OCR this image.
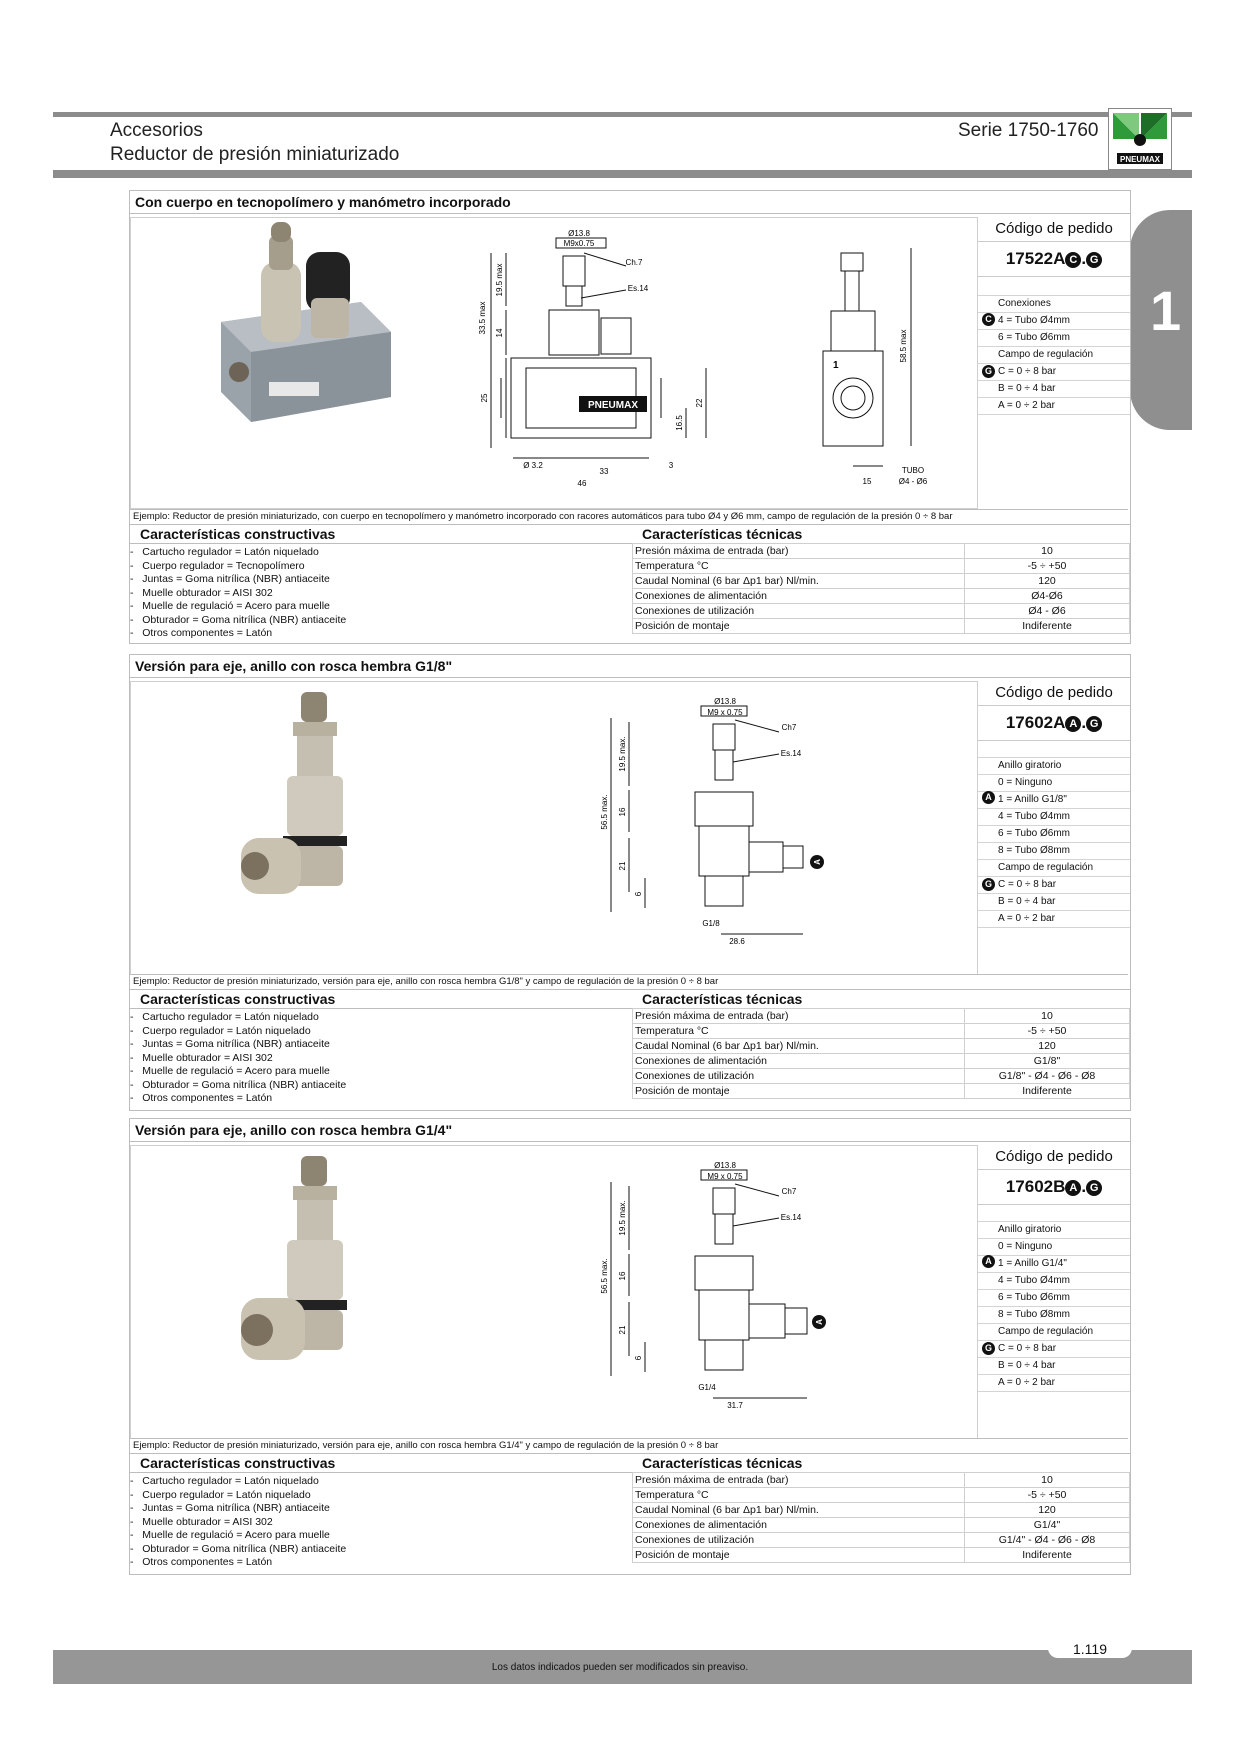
Accesorios
Reductor de presión miniaturizado
Serie 1750-1760
PNEUMAX
1
Con cuerpo en tecnopolímero y manómetro incorporado
PNEUMAX
Ø13.8
M9x0.75
Ch.7
Es.14
33.5 max
19.5 max
14
25
16.5
22
Ø 3.2
33
3
46
1
58.5 max
TUBO
15	Ø4 - Ø6
Código de pedido
17522A C . G
C
Conexiones
4 = Tubo Ø4mm
6 = Tubo Ø6mm
G
Campo de regulación
C = 0 ÷ 8 bar
B = 0 ÷ 4 bar
A = 0 ÷ 2 bar
Ejemplo: Reductor de presión miniaturizado, con cuerpo en tecnopolímero y manómetro incorporado con racores automáticos para tubo Ø4 y Ø6 mm, campo de regulación de la presión 0 ÷ 8 bar
Características constructivas	Características técnicas
-   Cartucho regulador = Latón niquelado
-   Cuerpo regulador = Tecnopolímero
-   Juntas = Goma nitrílica (NBR) antiaceite
-   Muelle obturador = AISI 302
-   Muelle de regulació = Acero para muelle
-   Obturador = Goma nitrílica (NBR) antiaceite
-   Otros componentes = Latón
Presión máxima de entrada (bar)	10
Temperatura °C	-5 ÷ +50
Caudal Nominal (6 bar Δp1 bar) Nl/min.	120
Conexiones de alimentación	Ø4-Ø6
Conexiones de utilización	Ø4 - Ø6
Posición de montaje	Indiferente
Versión para eje, anillo con rosca hembra G1/8"
Ø13.8
M9 x 0.75
Ch7
Es.14
56.5 max.
19.5 max.
16
21
6
G1/8
28.6
A
Código de pedido
17602A A . G
A
Anillo giratorio
0 = Ninguno
1 = Anillo G1/8"
4 = Tubo Ø4mm
6 = Tubo Ø6mm
8 = Tubo Ø8mm
G
Campo de regulación
C = 0 ÷ 8 bar
B = 0 ÷ 4 bar
A = 0 ÷ 2 bar
Ejemplo: Reductor de presión miniaturizado, versión para eje, anillo con rosca hembra G1/8" y campo de regulación de la presión 0 ÷ 8 bar
Características constructivas	Características técnicas
-   Cartucho regulador = Latón niquelado
-   Cuerpo regulador = Latón niquelado
-   Juntas = Goma nitrílica (NBR) antiaceite
-   Muelle obturador = AISI 302
-   Muelle de regulació = Acero para muelle
-   Obturador = Goma nitrílica (NBR) antiaceite
-   Otros componentes = Latón
Presión máxima de entrada (bar)	10
Temperatura °C	-5 ÷ +50
Caudal Nominal (6 bar Δp1 bar) Nl/min.	120
Conexiones de alimentación	G1/8"
Conexiones de utilización	G1/8" - Ø4 - Ø6 - Ø8
Posición de montaje	Indiferente
Versión para eje, anillo con rosca hembra G1/4"
Ø13.8
M9 x 0.75
Ch7
Es.14
56.5 max.
19.5 max.
16
21
6
G1/4
31.7
A
Código de pedido
17602B A . G
A
Anillo giratorio
0 = Ninguno
1 = Anillo G1/4"
4 = Tubo Ø4mm
6 = Tubo Ø6mm
8 = Tubo Ø8mm
G
Campo de regulación
C = 0 ÷ 8 bar
B = 0 ÷ 4 bar
A = 0 ÷ 2 bar
Ejemplo: Reductor de presión miniaturizado, versión para eje, anillo con rosca hembra G1/4" y campo de regulación de la presión 0 ÷ 8 bar
Características constructivas	Características técnicas
-   Cartucho regulador = Latón niquelado
-   Cuerpo regulador = Latón niquelado
-   Juntas = Goma nitrílica (NBR) antiaceite
-   Muelle obturador = AISI 302
-   Muelle de regulació = Acero para muelle
-   Obturador = Goma nitrílica (NBR) antiaceite
-   Otros componentes = Latón
Presión máxima de entrada (bar)	10
Temperatura °C	-5 ÷ +50
Caudal Nominal (6 bar Δp1 bar) Nl/min.	120
Conexiones de alimentación	G1/4"
Conexiones de utilización	G1/4" - Ø4 - Ø6 - Ø8
Posición de montaje	Indiferente
Los datos indicados pueden ser modificados sin preaviso.
1.119
